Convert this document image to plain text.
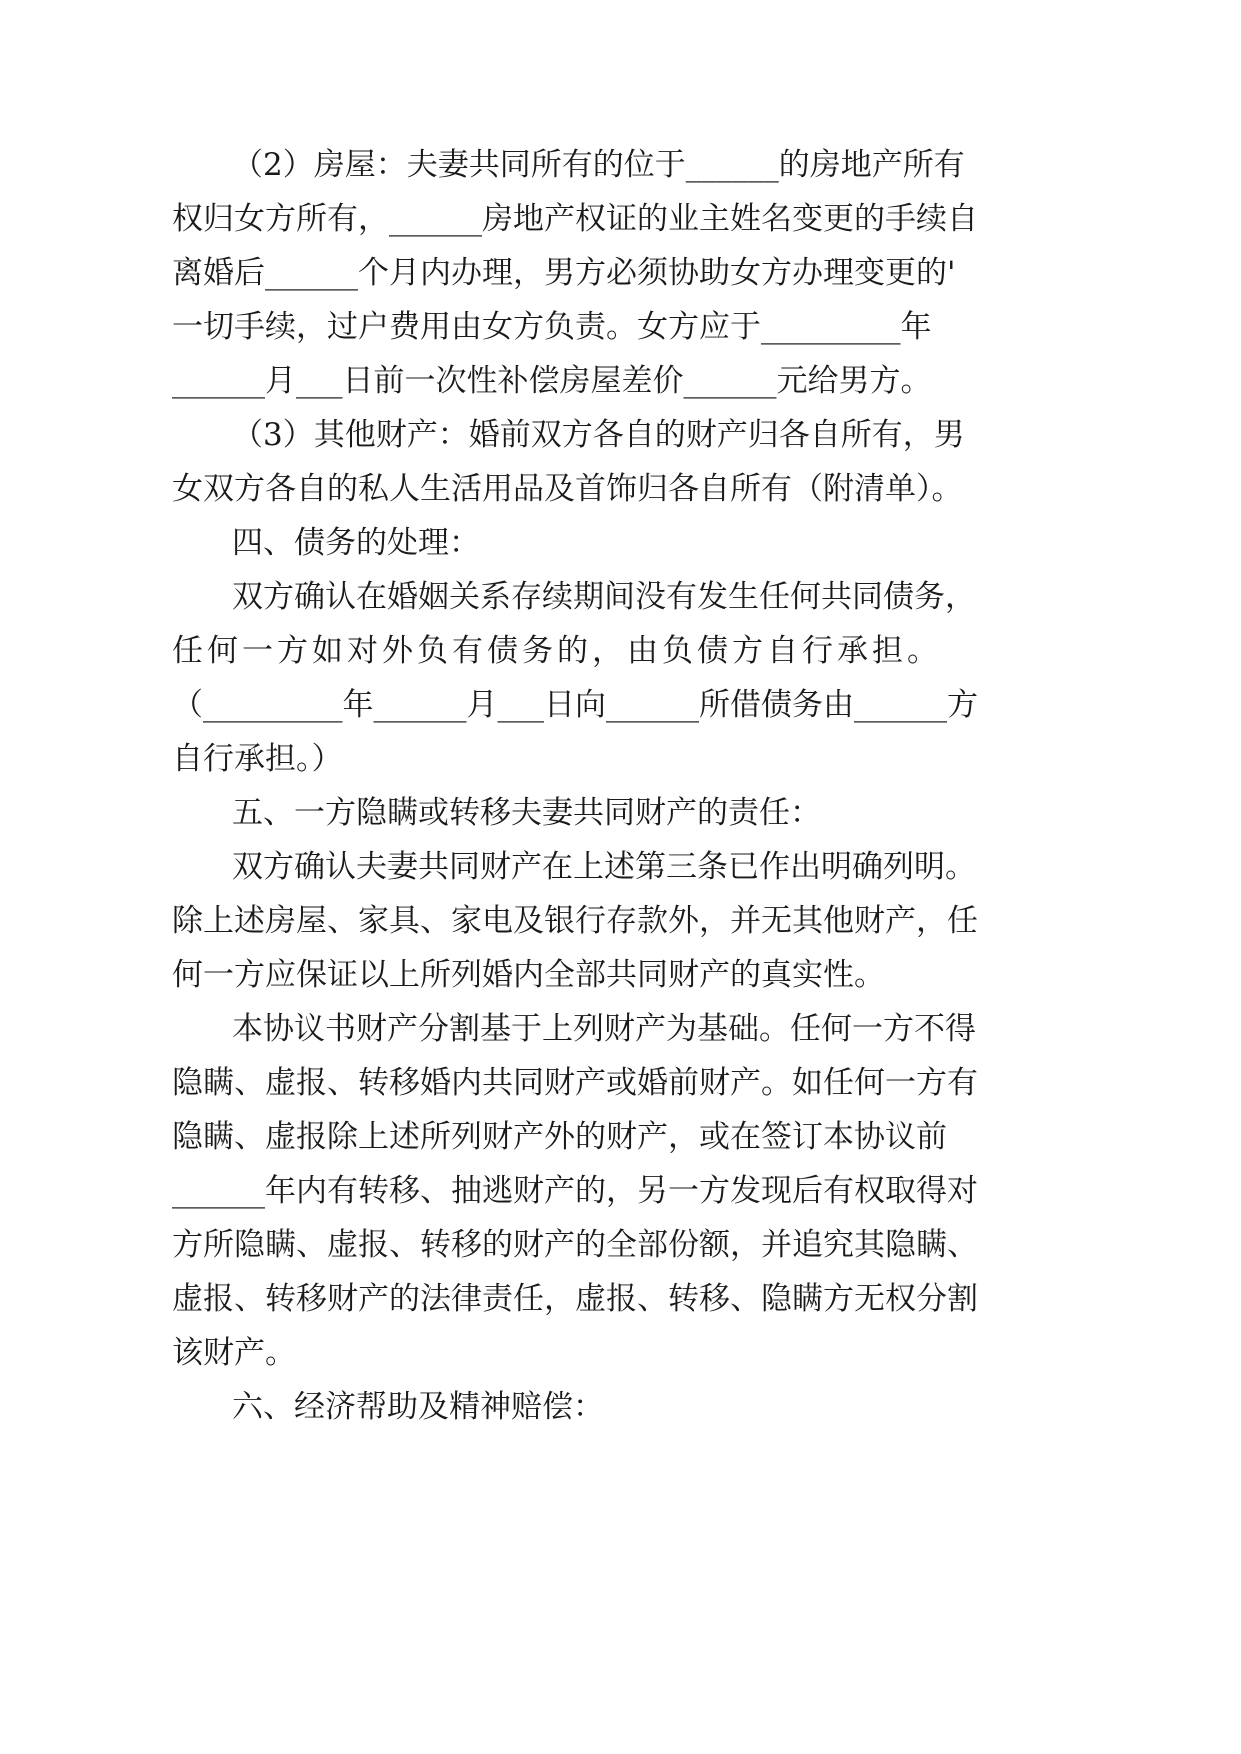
（2）房屋：夫妻共同所有的位于______的房地产所有
权归女方所有，______房地产权证的业主姓名变更的手续自
离婚后______个月内办理，男方必须协助女方办理变更的'
一切手续，过户费用由女方负责。女方应于_________年
______月___日前一次性补偿房屋差价______元给男方。
（3）其他财产：婚前双方各自的财产归各自所有，男
女双方各自的私人生活用品及首饰归各自所有（附清单）。
四、债务的处理：
双方确认在婚姻关系存续期间没有发生任何共同债务，
任何一方如对外负有债务的，由负债方自行承担。
（_________年______月___日向______所借债务由______方
自行承担。）
五、一方隐瞒或转移夫妻共同财产的责任：
双方确认夫妻共同财产在上述第三条已作出明确列明。
除上述房屋、家具、家电及银行存款外，并无其他财产，任
何一方应保证以上所列婚内全部共同财产的真实性。
本协议书财产分割基于上列财产为基础。任何一方不得
隐瞒、虚报、转移婚内共同财产或婚前财产。如任何一方有
隐瞒、虚报除上述所列财产外的财产，或在签订本协议前
______年内有转移、抽逃财产的，另一方发现后有权取得对
方所隐瞒、虚报、转移的财产的全部份额，并追究其隐瞒、
虚报、转移财产的法律责任，虚报、转移、隐瞒方无权分割
该财产。
六、经济帮助及精神赔偿：
